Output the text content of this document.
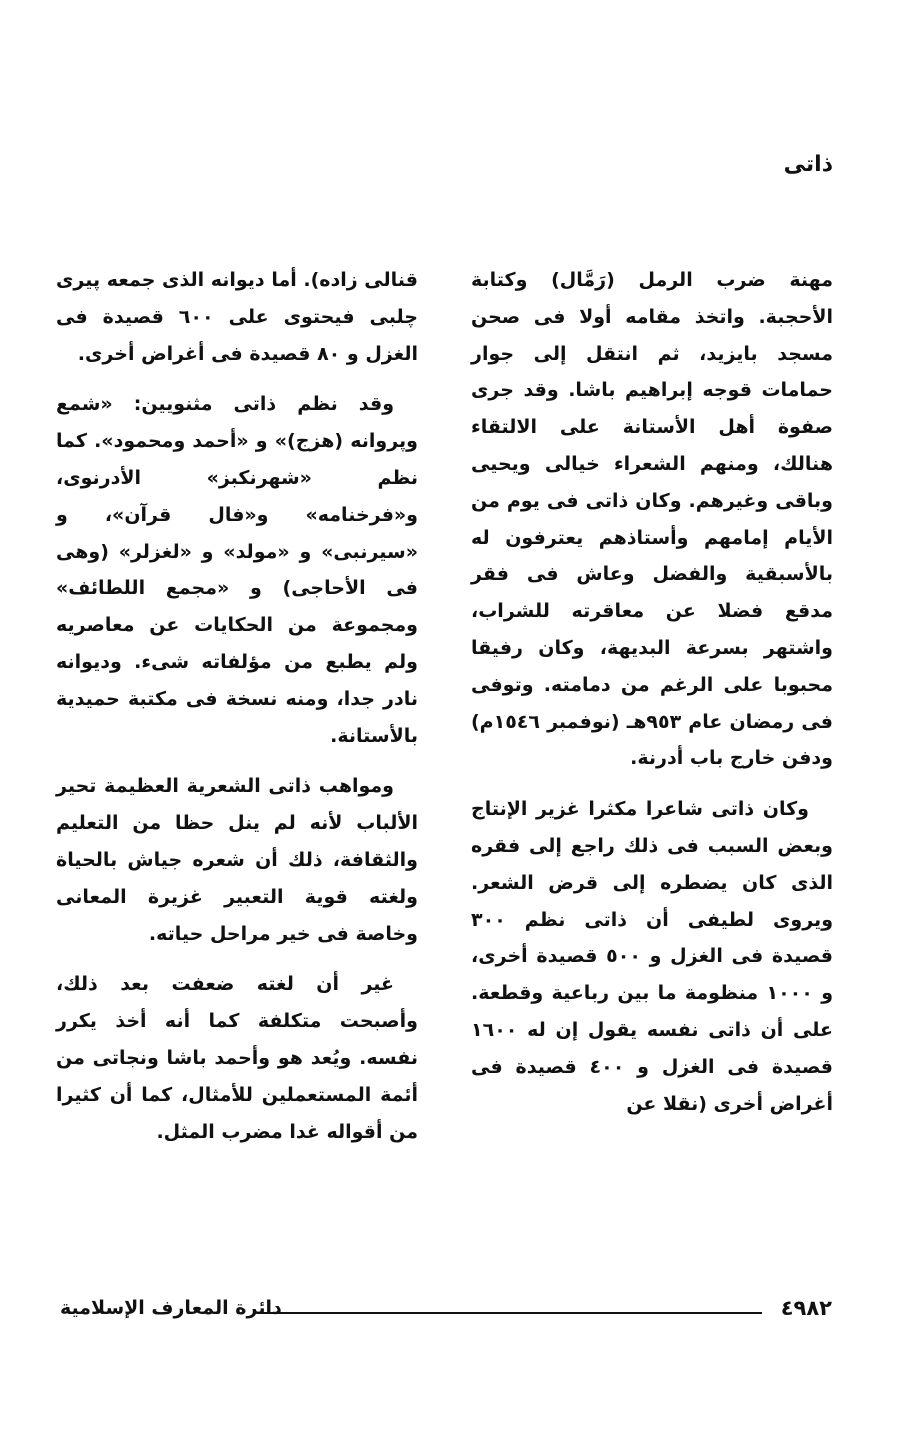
ذاتى

مهنة ضرب الرمل (رَمَّال) وكتابة الأحجبة. واتخذ مقامه أولا فى صحن مسجد بايزيد، ثم انتقل إلى جوار حمامات قوجه إبراهيم باشا. وقد جرى صفوة أهل الأستانة على الالتقاء هنالك، ومنهم الشعراء خيالى ويحيى وباقى وغيرهم. وكان ذاتى فى يوم من الأيام إمامهم وأستاذهم يعترفون له بالأسبقية والفضل وعاش فى فقر مدقع فضلا عن معاقرته للشراب، واشتهر بسرعة البديهة، وكان رفيقا محبوبا على الرغم من دمامته. وتوفى فى رمضان عام ٩٥٣هـ (نوفمبر ١٥٤٦م) ودفن خارج باب أدرنة.

وكان ذاتى شاعرا مكثرا غزير الإنتاج وبعض السبب فى ذلك راجع إلى فقره الذى كان يضطره إلى قرض الشعر. ويروى لطيفى أن ذاتى نظم ٣٠٠ قصيدة فى الغزل و ٥٠٠ قصيدة أخرى، و ١٠٠٠ منظومة ما بين رباعية وقطعة. على أن ذاتى نفسه يقول إن له ١٦٠٠ قصيدة فى الغزل و ٤٠٠ قصيدة فى أغراض أخرى (نقلا عن

قنالى زاده). أما ديوانه الذى جمعه پيرى چلبى فيحتوى على ٦٠٠ قصيدة فى الغزل و ٨٠ قصيدة فى أغراض أخرى.

وقد نظم ذاتى مثنويين: «شمع وپروانه (هزج)» و «أحمد ومحمود». كما نظم «شهرنكبز» الأدرنوى، و«فرخنامه» و«فال قرآن»، و «سيرنبى» و «مولد» و «لغزلر» (وهى فى الأحاجى) و «مجمع اللطائف» ومجموعة من الحكايات عن معاصريه ولم يطبع من مؤلفاته شىء. وديوانه نادر جدا، ومنه نسخة فى مكتبة حميدية بالأستانة.

ومواهب ذاتى الشعرية العظيمة تحير الألباب لأنه لم ينل حظا من التعليم والثقافة، ذلك أن شعره جياش بالحياة ولغته قوية التعبير غزيرة المعانى وخاصة فى خير مراحل حياته.

غير أن لغته ضعفت بعد ذلك، وأصبحت متكلفة كما أنه أخذ يكرر نفسه. ويُعد هو وأحمد باشا ونجاتى من أئمة المستعملين للأمثال، كما أن كثيرا من أقواله غدا مضرب المثل.

٤٩٨٢
دائرة المعارف الإسلامية
